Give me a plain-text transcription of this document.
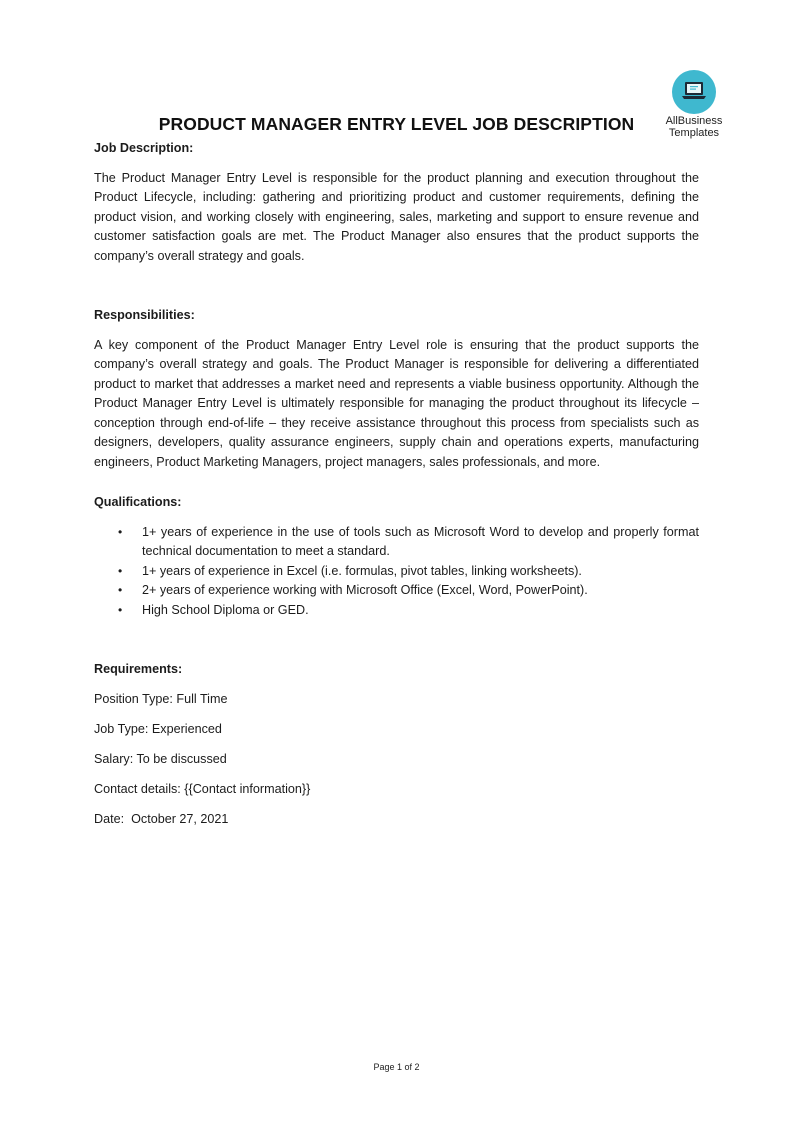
AllBusiness
Templates
PRODUCT MANAGER ENTRY LEVEL JOB DESCRIPTION

Job Description:

The Product Manager Entry Level is responsible for the product planning and execution throughout the Product Lifecycle, including: gathering and prioritizing product and customer requirements, defining the product vision, and working closely with engineering, sales, marketing and support to ensure revenue and customer satisfaction goals are met. The Product Manager also ensures that the product supports the company’s overall strategy and goals.

Responsibilities:

A key component of the Product Manager Entry Level role is ensuring that the product supports the company’s overall strategy and goals. The Product Manager is responsible for delivering a differentiated product to market that addresses a market need and represents a viable business opportunity. Although the Product Manager Entry Level is ultimately responsible for managing the product throughout its lifecycle – conception through end-of-life – they receive assistance throughout this process from specialists such as designers, developers, quality assurance engineers, supply chain and operations experts, manufacturing engineers, Product Marketing Managers, project managers, sales professionals, and more.

Qualifications:

• 1+ years of experience in the use of tools such as Microsoft Word to develop and properly format technical documentation to meet a standard.
• 1+ years of experience in Excel (i.e. formulas, pivot tables, linking worksheets).
• 2+ years of experience working with Microsoft Office (Excel, Word, PowerPoint).
• High School Diploma or GED.

Requirements:

Position Type: Full Time

Job Type: Experienced

Salary: To be discussed

Contact details: {{Contact information}}

Date:  October 27, 2021

Page 1 of 2
